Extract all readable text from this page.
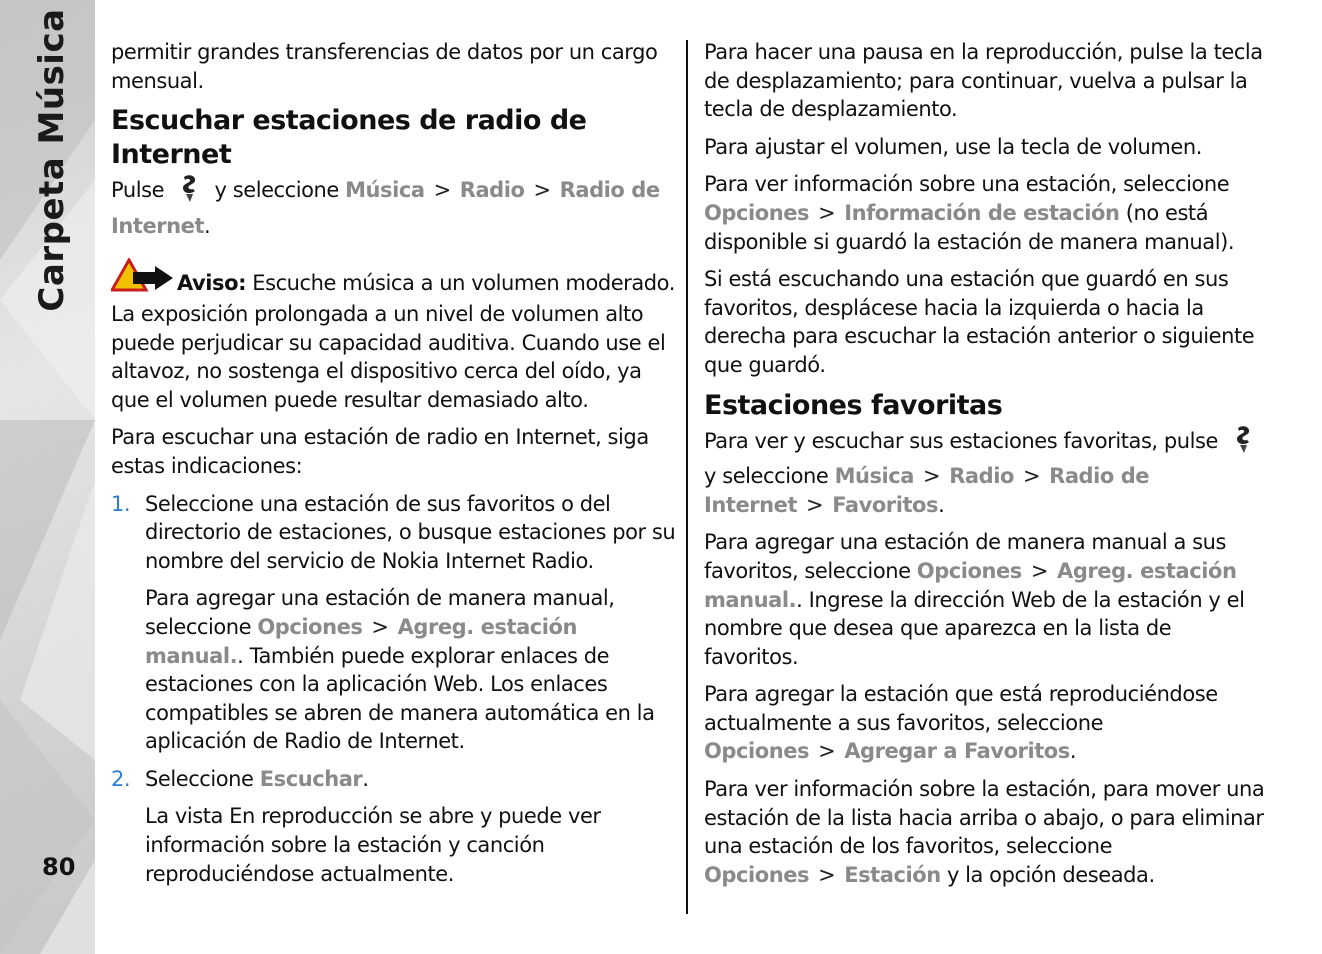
Carpeta Música
80

permitir grandes transferencias de datos por un cargo mensual.

Escuchar estaciones de radio de Internet

Pulse y seleccione Música > Radio > Radio de Internet.

Aviso: Escuche música a un volumen moderado. La exposición prolongada a un nivel de volumen alto puede perjudicar su capacidad auditiva. Cuando use el altavoz, no sostenga el dispositivo cerca del oído, ya que el volumen puede resultar demasiado alto.

Para escuchar una estación de radio en Internet, siga estas indicaciones:

1. Seleccione una estación de sus favoritos o del directorio de estaciones, o busque estaciones por su nombre del servicio de Nokia Internet Radio.

Para agregar una estación de manera manual, seleccione Opciones > Agreg. estación manual.. También puede explorar enlaces de estaciones con la aplicación Web. Los enlaces compatibles se abren de manera automática en la aplicación de Radio de Internet.

2. Seleccione Escuchar.

La vista En reproducción se abre y puede ver información sobre la estación y canción reproduciéndose actualmente.

Para hacer una pausa en la reproducción, pulse la tecla de desplazamiento; para continuar, vuelva a pulsar la tecla de desplazamiento.

Para ajustar el volumen, use la tecla de volumen.

Para ver información sobre una estación, seleccione Opciones > Información de estación (no está disponible si guardó la estación de manera manual).

Si está escuchando una estación que guardó en sus favoritos, desplácese hacia la izquierda o hacia la derecha para escuchar la estación anterior o siguiente que guardó.

Estaciones favoritas

Para ver y escuchar sus estaciones favoritas, pulse  y seleccione Música > Radio > Radio de Internet > Favoritos.

Para agregar una estación de manera manual a sus favoritos, seleccione Opciones > Agreg. estación manual.. Ingrese la dirección Web de la estación y el nombre que desea que aparezca en la lista de favoritos.

Para agregar la estación que está reproduciéndose actualmente a sus favoritos, seleccione Opciones > Agregar a Favoritos.

Para ver información sobre la estación, para mover una estación de la lista hacia arriba o abajo, o para eliminar una estación de los favoritos, seleccione Opciones > Estación y la opción deseada.
